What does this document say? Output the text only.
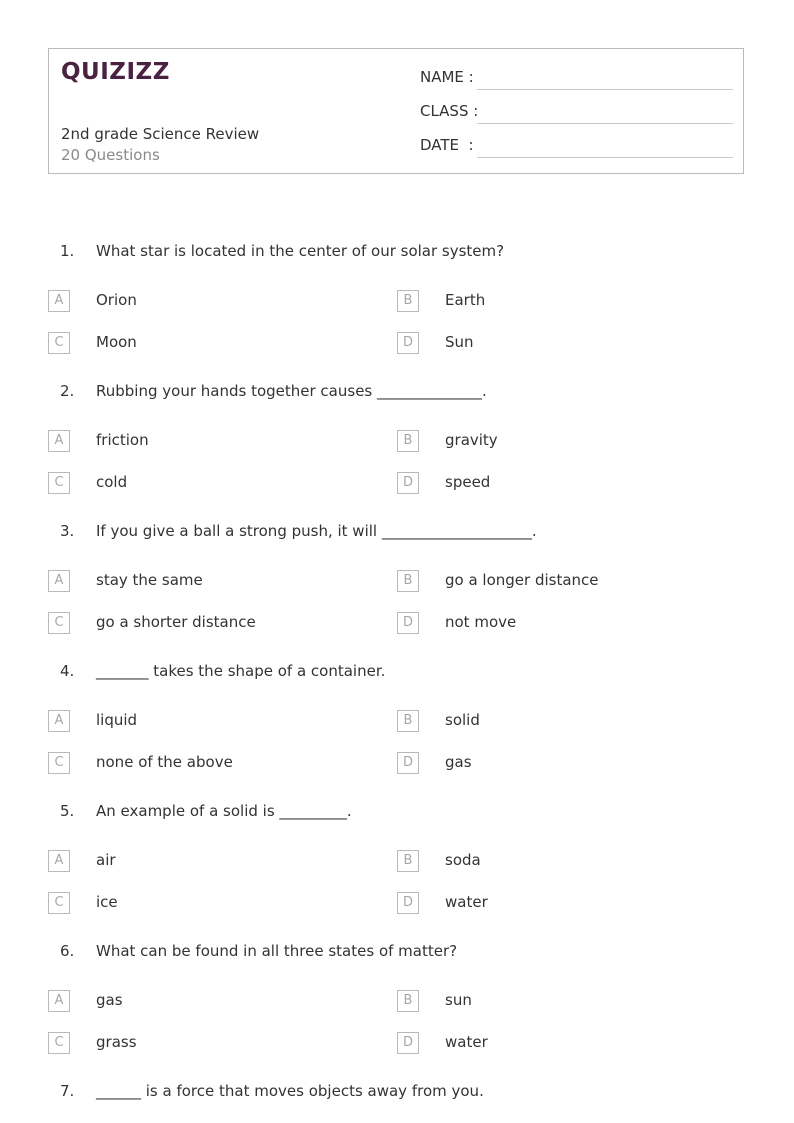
QUIZIZZ
2nd grade Science Review
20 Questions
NAME :
CLASS :
DATE  :
1. What star is located in the center of our solar system?
A	Orion	B	Earth
C	Moon	D	Sun
2. Rubbing your hands together causes ______________.
A	friction	B	gravity
C	cold	D	speed
3. If you give a ball a strong push, it will ____________________.
A	stay the same	B	go a longer distance
C	go a shorter distance	D	not move
4. _______ takes the shape of a container.
A	liquid	B	solid
C	none of the above	D	gas
5. An example of a solid is _________.
A	air	B	soda
C	ice	D	water
6. What can be found in all three states of matter?
A	gas	B	sun
C	grass	D	water
7. ______ is a force that moves objects away from you.
